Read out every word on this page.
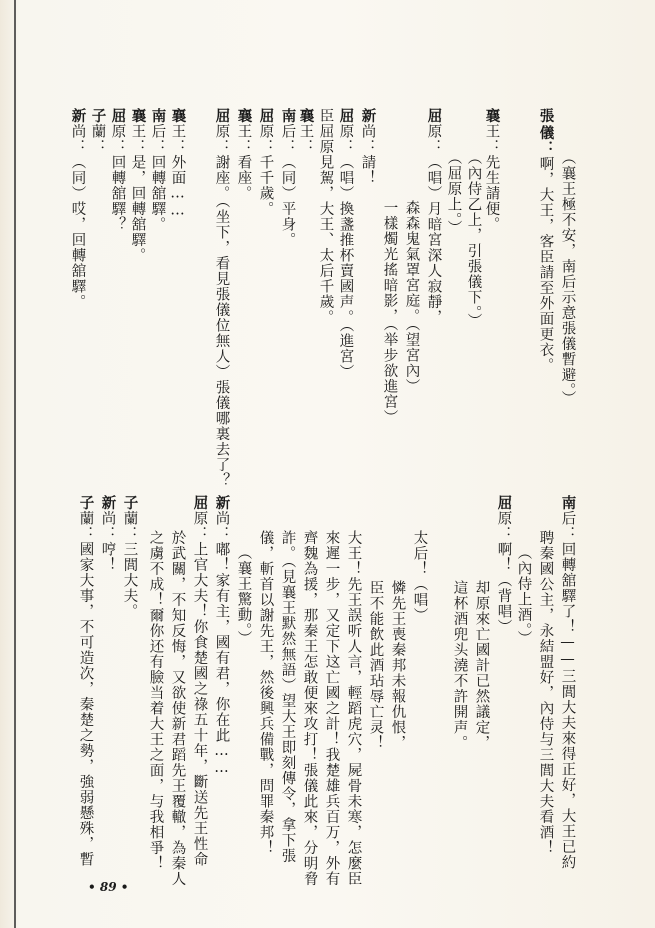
（襄王極不安，南后示意張儀暫避。）
張
儀：啊，大王，客臣請至外面更衣。
襄王：先生請便。
（內侍乙上，引張儀下。）
（屈原上。）
屈原：（唱）月暗宮深人寂靜，
森森鬼氣罩宮庭。（望宮內）
一樣燭光搖暗影，（举步欲進宮）
新尚：請！
屈原：（唱）換盞推杯賣國声。（進宮）
臣屈原見駕，大王、太后千歲。
襄王：
南后：（同）平身。
屈原：千千歲。
襄王：看座。
屈原：謝座。（坐下，看見張儀位無人）張儀哪裏去了？
襄王：外面……
南后：回轉舘驛。
襄王：是，回轉舘驛。
屈原：回轉舘驛？
子蘭：
新尚：（同）哎，回轉舘驛。
南后：回轉舘驛了！——三閭大夫來得正好，大王已約
聘秦國公主，永結盟好，內侍与三閭大夫看酒！
（內侍上酒。）
屈原：啊！（背唱）
却原來亡國計已然議定，
這杯酒兜头澆不許開声。
太后！（唱）
憐先王喪秦邦未報仇恨，
臣不能飲此酒玷辱亡灵！
大王！先王誤听人言，輕蹈虎穴，屍骨未寒，怎麼臣
來遲一步，又定下这亡國之計！我楚雄兵百万，外有
齊魏為援，那秦王怎敢便來攻打！張儀此來，分明脅
詐。（見襄王默然無語）望大王即刻傳令，拿下張
儀，斬首以謝先王，然後興兵備戰，問罪秦邦！
（襄王驚動。）
新尚：嘟！家有主，國有君，你在此……
屈原：上官大夫！你食楚國之祿五十年，斷送先王性命
於武關，不知反悔，又欲使新君蹈先王覆轍，為秦人
之虜不成！爾你还有臉当着大王之面，与我相爭！
子蘭：三閭大夫。
新尚：哼！
子蘭：國家大事，不可造次，秦楚之勢，強弱懸殊，暫
• 89 •
